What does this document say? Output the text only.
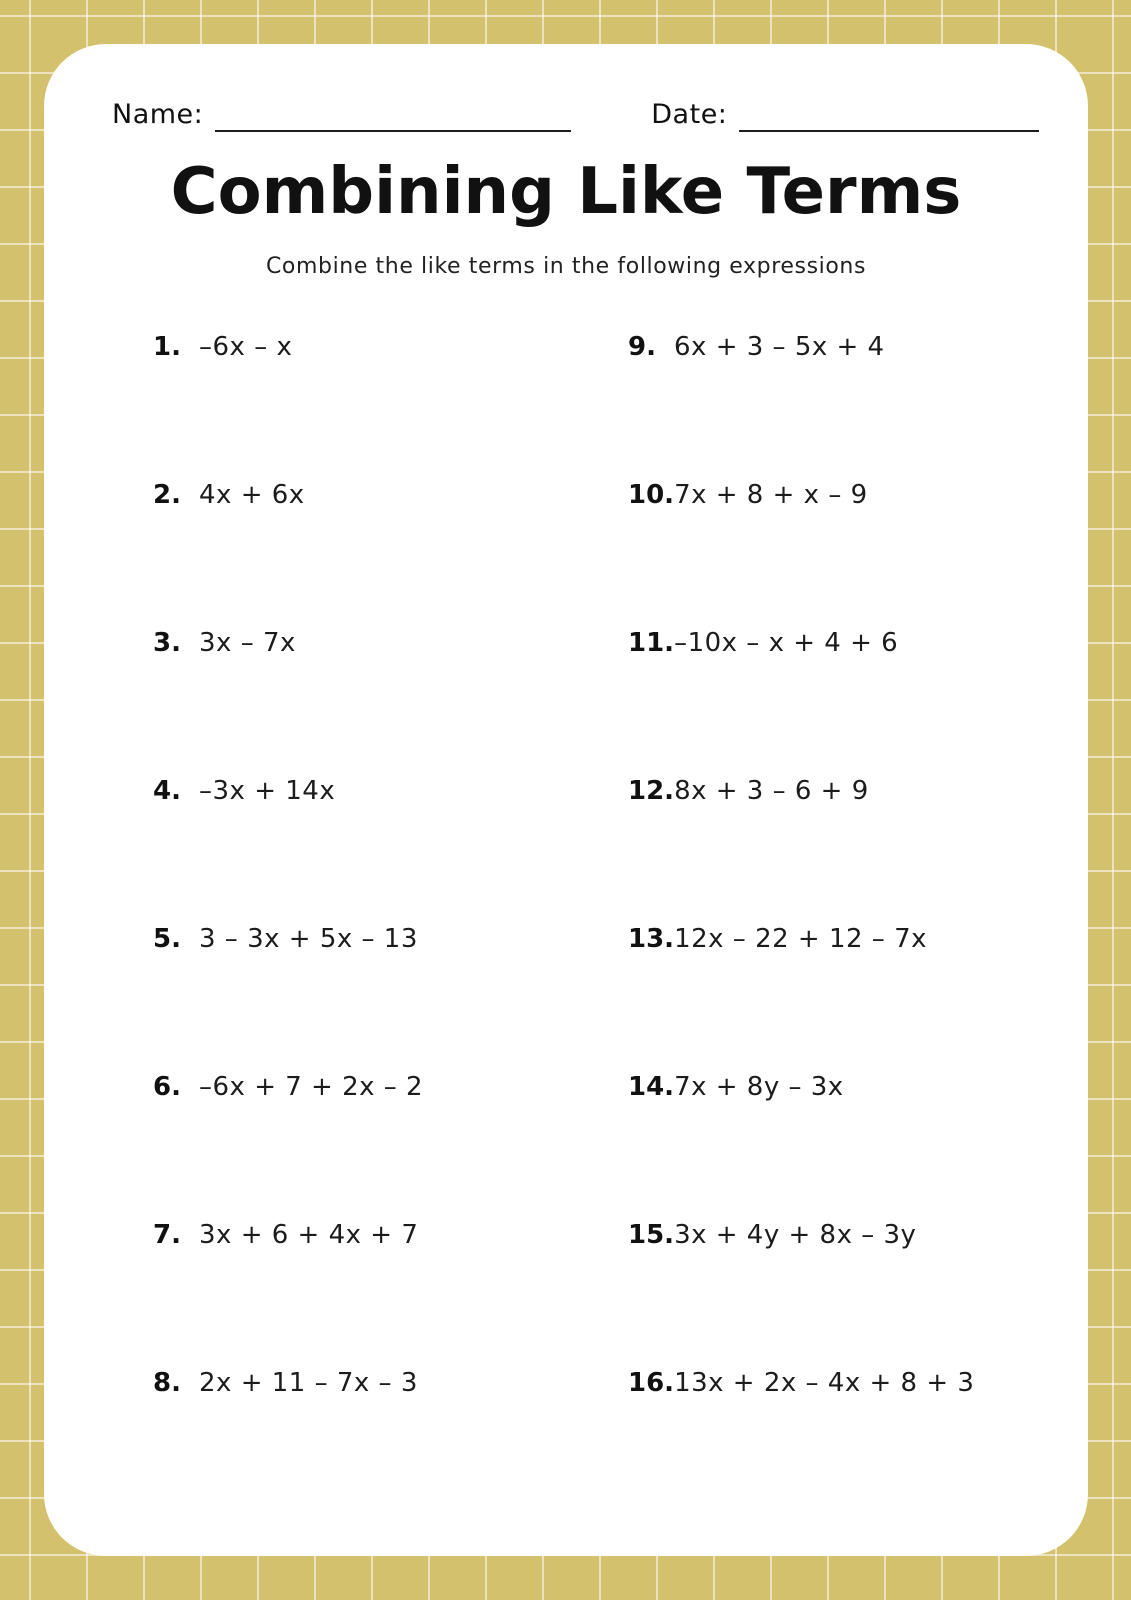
Name:	Date:
Combining Like Terms

Combine the like terms in the following expressions

1. –6x – x
2. 4x + 6x
3. 3x – 7x
4. –3x + 14x
5. 3 – 3x + 5x – 13
6. –6x + 7 + 2x – 2
7. 3x + 6 + 4x + 7
8. 2x + 11 – 7x – 3
9. 6x + 3 – 5x + 4
10. 7x + 8 + x – 9
11. –10x – x + 4 + 6
12. 8x + 3 – 6 + 9
13. 12x – 22 + 12 – 7x
14. 7x + 8y – 3x
15. 3x + 4y + 8x – 3y
16. 13x + 2x – 4x + 8 + 3
